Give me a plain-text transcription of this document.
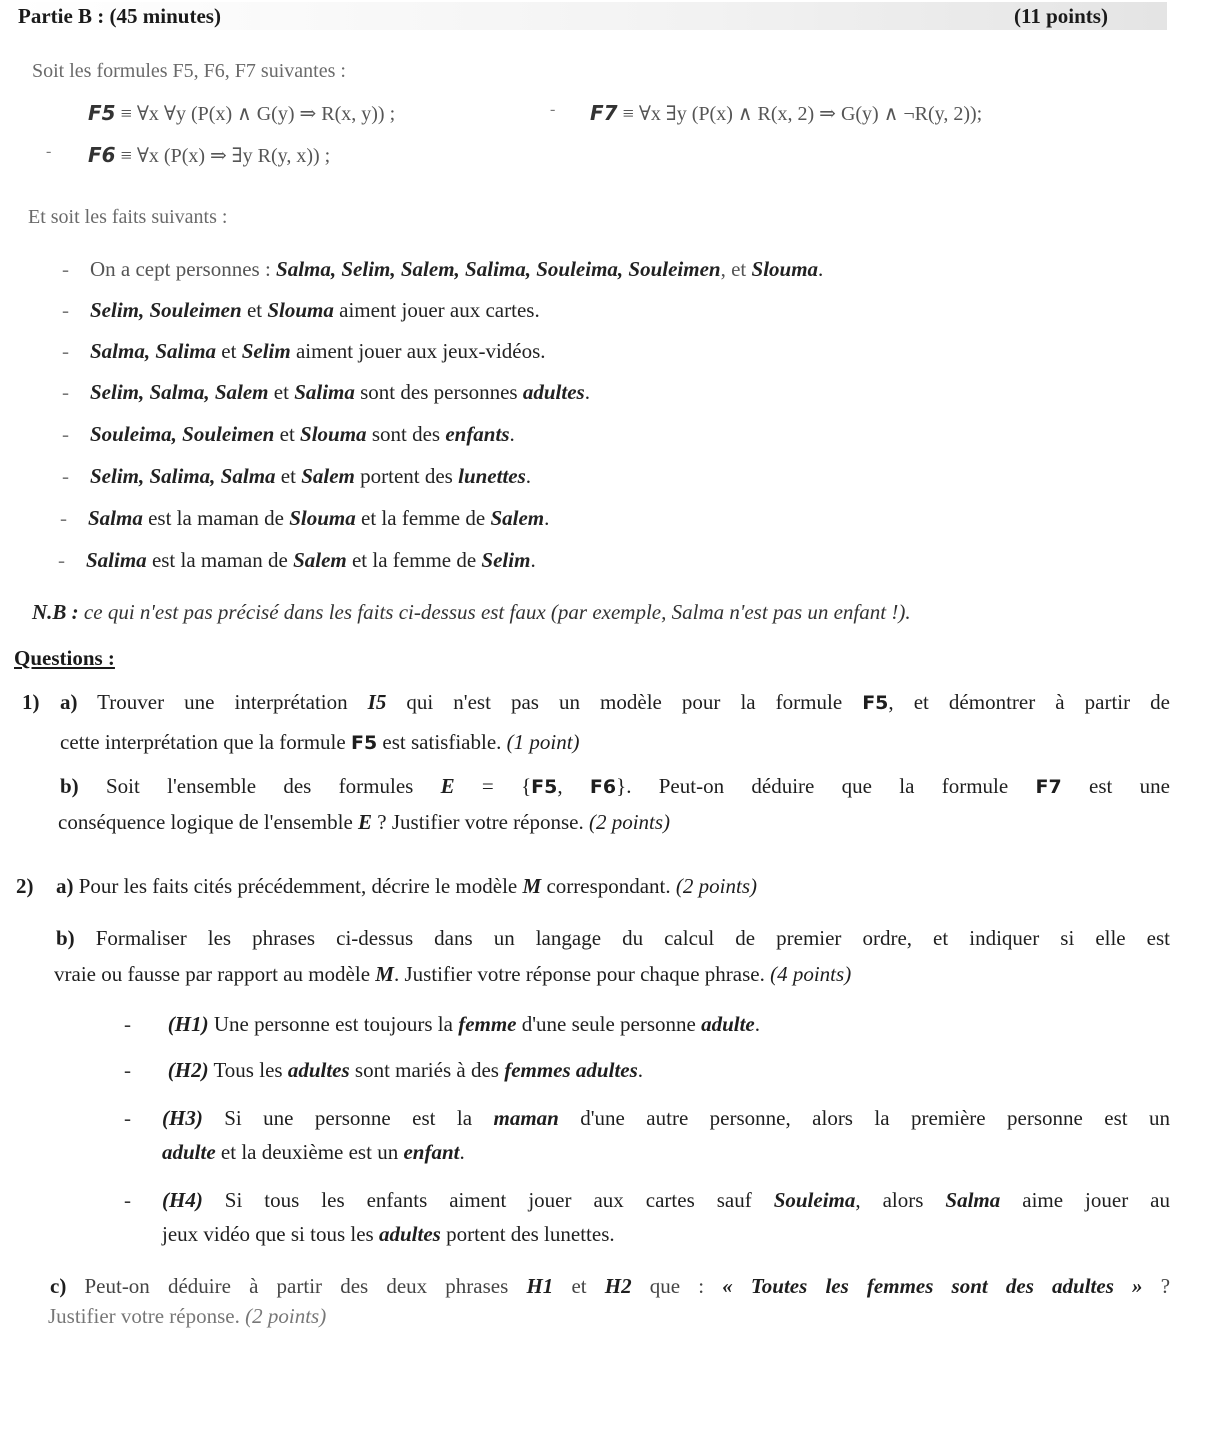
Partie B : (45 minutes)	(11 points)
Soit les formules F5, F6, F7 suivantes :
F5 ≡ ∀x ∀y (P(x) ∧ G(y) ⇒ R(x, y)) ;	- F7 ≡ ∀x ∃y (P(x) ∧ R(x, 2) ⇒ G(y) ∧ ¬R(y, 2));
- F6 ≡ ∀x (P(x) ⇒ ∃y R(y, x)) ;
Et soit les faits suivants :
- On a cept personnes : Salma, Selim, Salem, Salima, Souleima, Souleimen, et Slouma.
- Selim, Souleimen et Slouma aiment jouer aux cartes.
- Salma, Salima et Selim aiment jouer aux jeux-vidéos.
- Selim, Salma, Salem et Salima sont des personnes adultes.
- Souleima, Souleimen et Slouma sont des enfants.
- Selim, Salima, Salma et Salem portent des lunettes.
- Salma est la maman de Slouma et la femme de Salem.
- Salima est la maman de Salem et la femme de Selim.
N.B : ce qui n'est pas précisé dans les faits ci-dessus est faux (par exemple, Salma n'est pas un enfant !).
Questions :
1) a) Trouver une interprétation I5 qui n'est pas un modèle pour la formule F5, et démontrer à partir de
cette interprétation que la formule F5 est satisfiable. (1 point)
b) Soit l'ensemble des formules E = {F5, F6}. Peut-on déduire que la formule F7 est une
conséquence logique de l'ensemble E ? Justifier votre réponse. (2 points)
2) a) Pour les faits cités précédemment, décrire le modèle M correspondant. (2 points)
b) Formaliser les phrases ci-dessus dans un langage du calcul de premier ordre, et indiquer si elle est
vraie ou fausse par rapport au modèle M. Justifier votre réponse pour chaque phrase. (4 points)
- (H1) Une personne est toujours la femme d'une seule personne adulte.
- (H2) Tous les adultes sont mariés à des femmes adultes.
- (H3) Si une personne est la maman d'une autre personne, alors la première personne est un
adulte et la deuxième est un enfant.
- (H4) Si tous les enfants aiment jouer aux cartes sauf Souleima, alors Salma aime jouer au
jeux vidéo que si tous les adultes portent des lunettes.
c) Peut-on déduire à partir des deux phrases H1 et H2 que : « Toutes les femmes sont des adultes » ?
Justifier votre réponse. (2 points)
